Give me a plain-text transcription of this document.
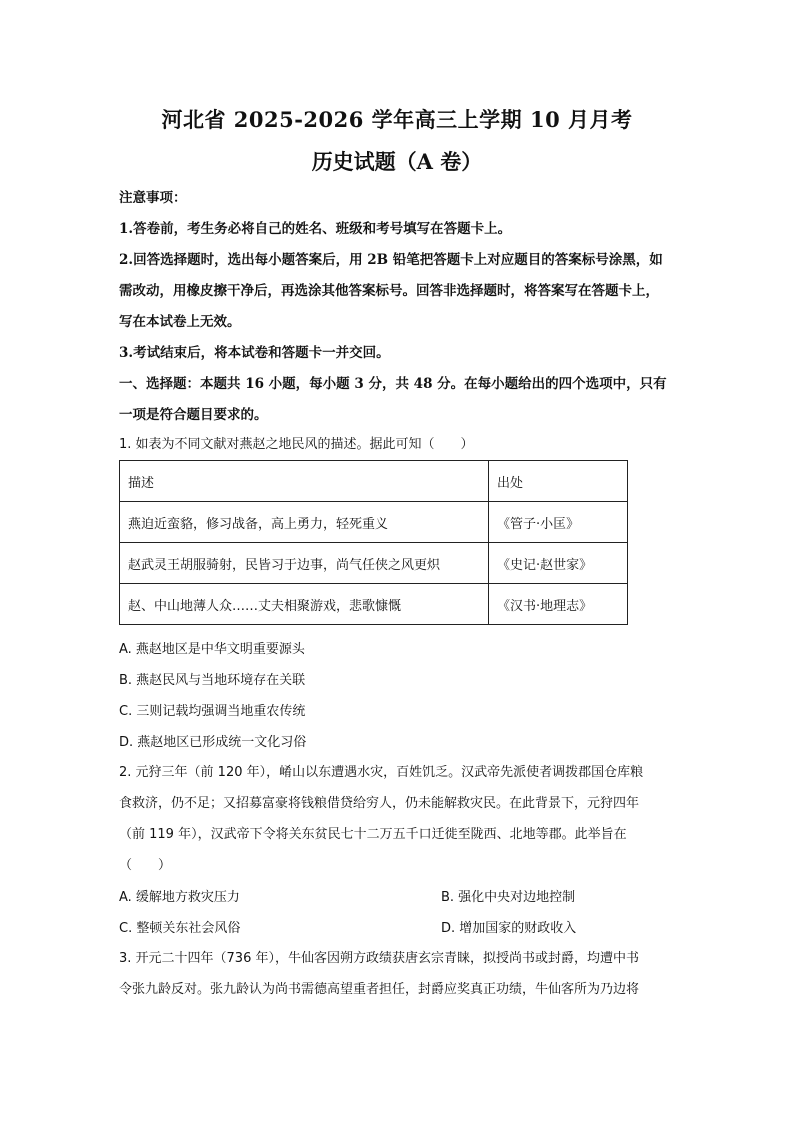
河北省 2025-2026 学年高三上学期 10 月月考
历史试题（A 卷）
注意事项：
1.答卷前，考生务必将自己的姓名、班级和考号填写在答题卡上。
2.回答选择题时，选出每小题答案后，用 2B 铅笔把答题卡上对应题目的答案标号涂黑，如
需改动，用橡皮擦干净后，再选涂其他答案标号。回答非选择题时，将答案写在答题卡上，
写在本试卷上无效。
3.考试结束后，将本试卷和答题卡一并交回。
一、选择题：本题共 16 小题，每小题 3 分，共 48 分。在每小题给出的四个选项中，只有
一项是符合题目要求的。
1. 如表为不同文献对燕赵之地民风的描述。据此可知（　　）
描述	出处
燕迫近蛮貉，修习战备，高上勇力，轻死重义	《管子·小匡》
赵武灵王胡服骑射，民皆习于边事，尚气任侠之风更炽	《史记·赵世家》
赵、中山地薄人众……丈夫相聚游戏，悲歌慷慨	《汉书·地理志》
A. 燕赵地区是中华文明重要源头
B. 燕赵民风与当地环境存在关联
C. 三则记载均强调当地重农传统
D. 燕赵地区已形成统一文化习俗
2. 元狩三年（前 120 年），崤山以东遭遇水灾，百姓饥乏。汉武帝先派使者调拨郡国仓库粮
食救济，仍不足；又招募富豪将钱粮借贷给穷人，仍未能解救灾民。在此背景下，元狩四年
（前 119 年），汉武帝下令将关东贫民七十二万五千口迁徙至陇西、北地等郡。此举旨在
（　　）
A. 缓解地方救灾压力	B. 强化中央对边地控制
C. 整顿关东社会风俗	D. 增加国家的财政收入
3. 开元二十四年（736 年），牛仙客因朔方政绩获唐玄宗青睐，拟授尚书或封爵，均遭中书
令张九龄反对。张九龄认为尚书需德高望重者担任，封爵应奖真正功绩，牛仙客所为乃边将
